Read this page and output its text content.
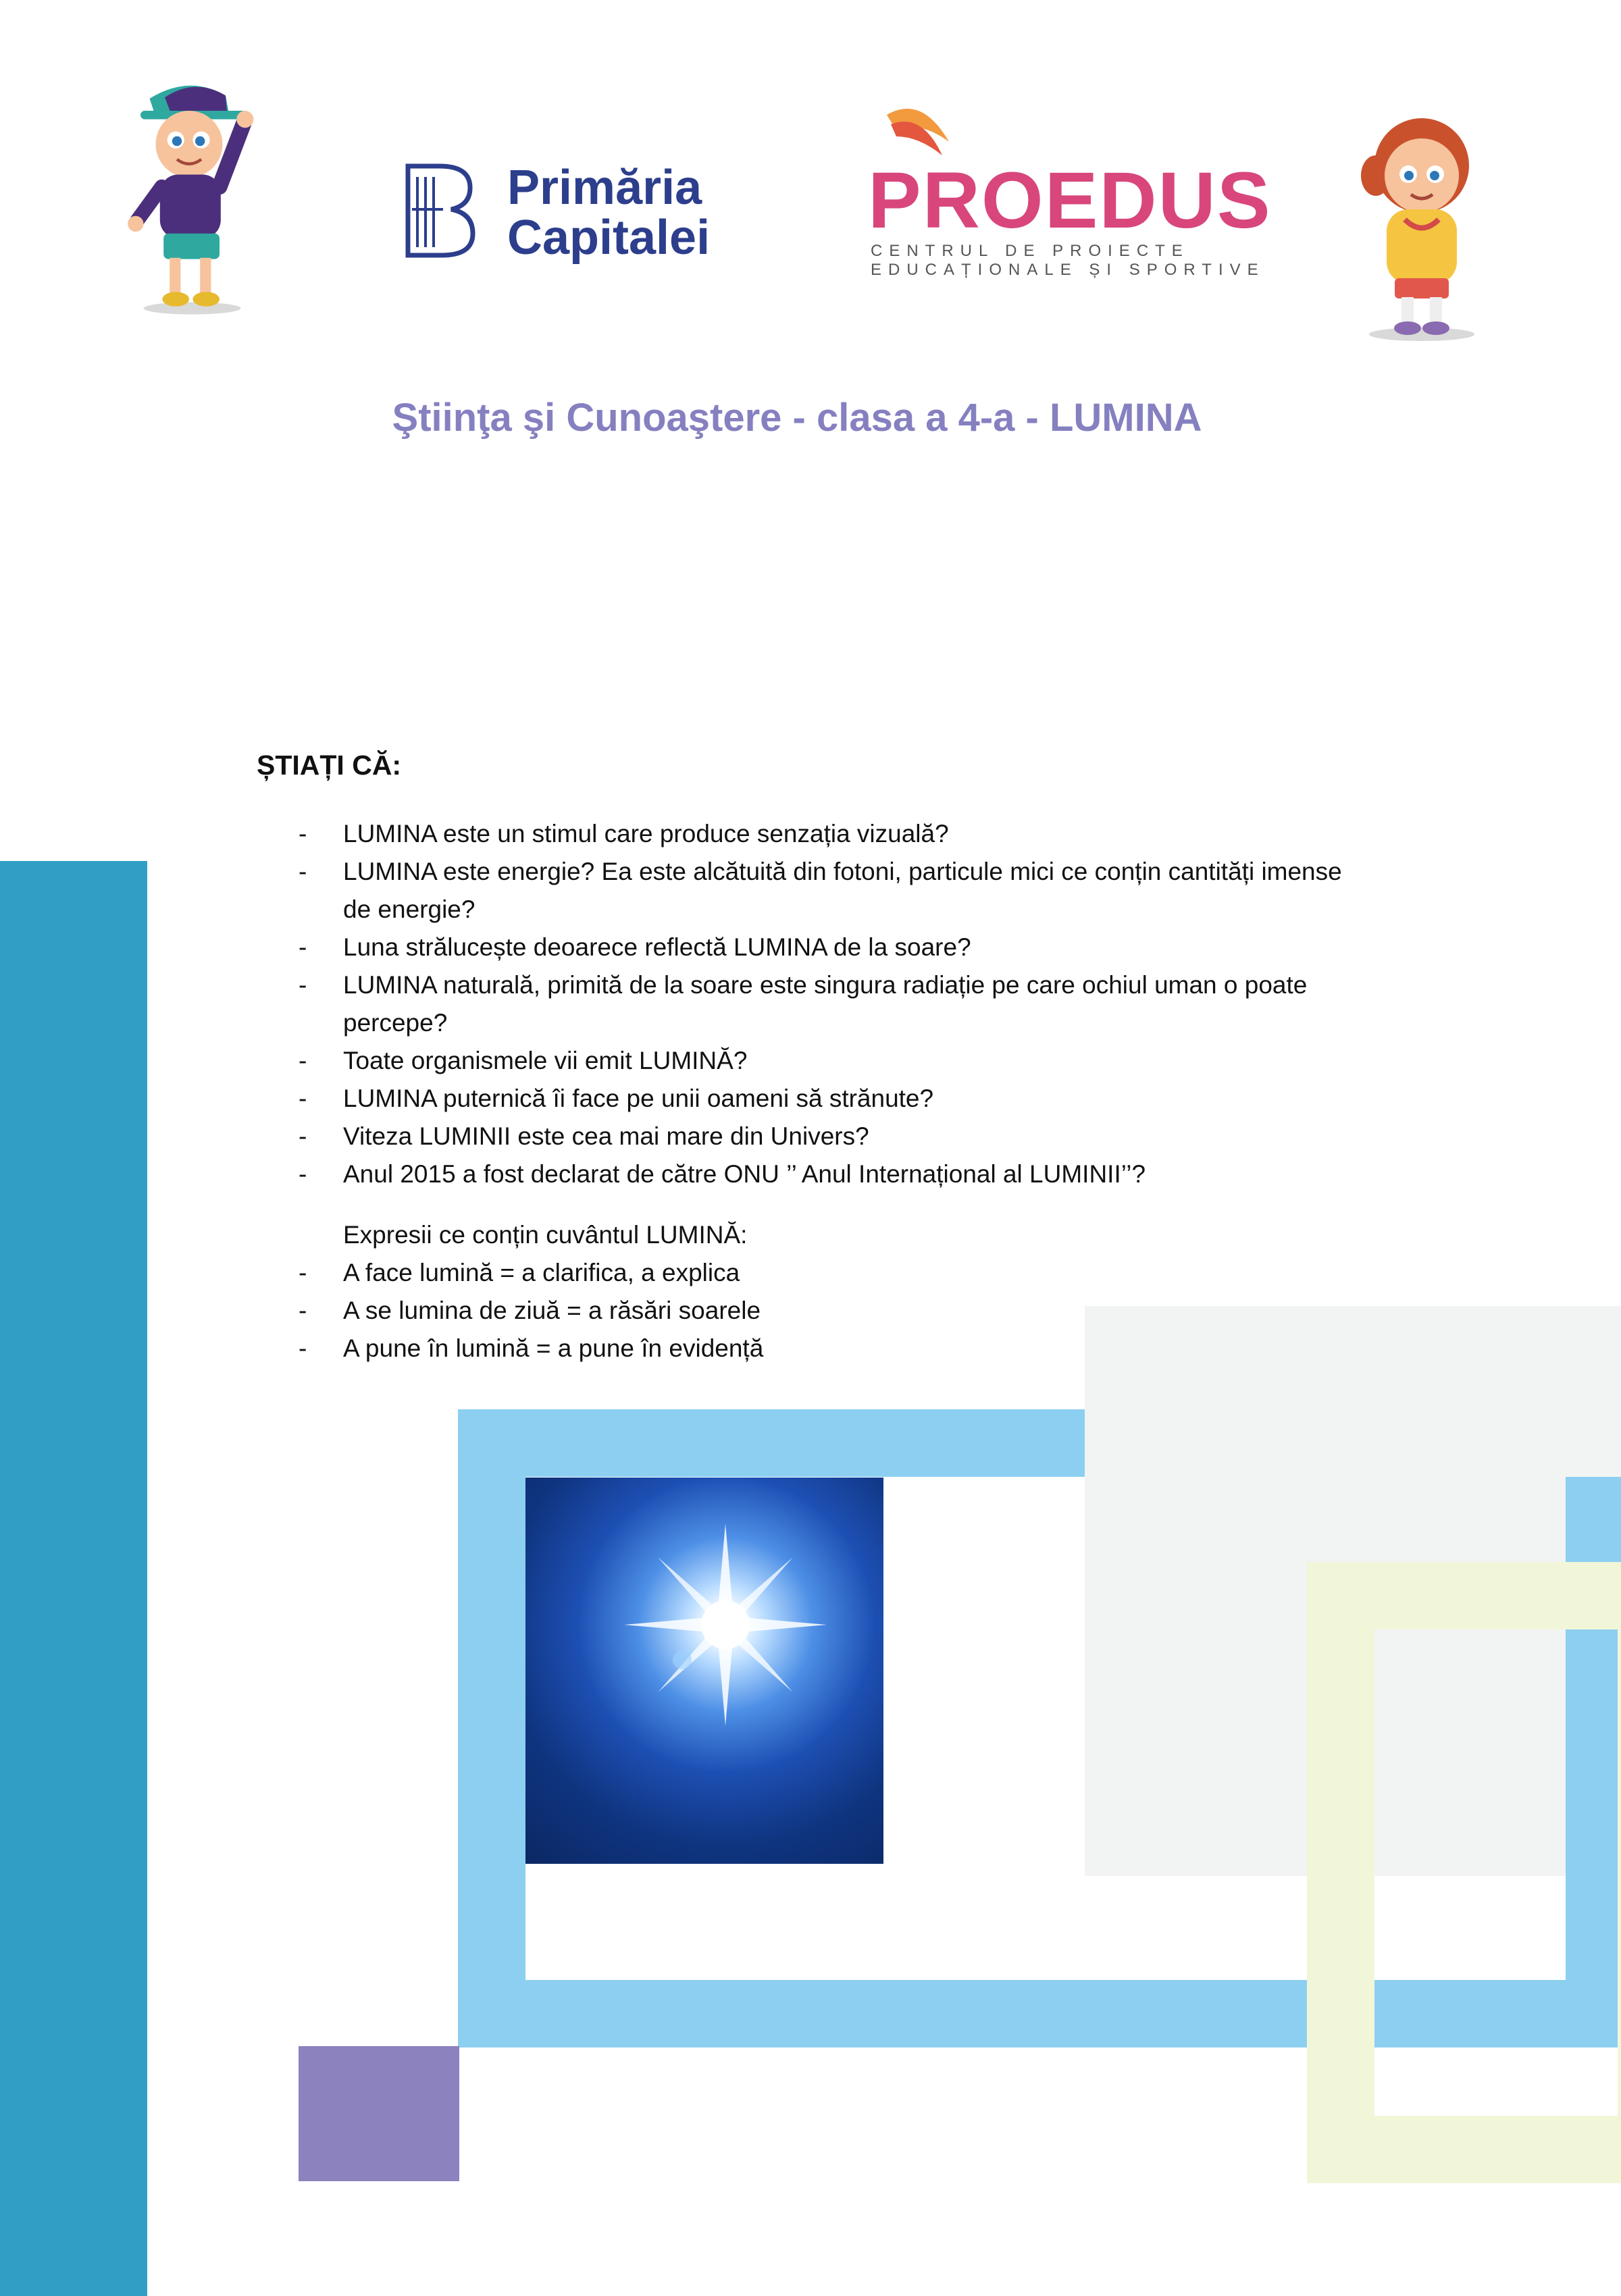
Primăria
Capitalei PROEDUS
CENTRUL DE PROIECTE
EDUCAȚIONALE ȘI SPORTIVE
Ştiinţa şi Cunoaştere - clasa a 4-a - LUMINA
ȘTIAȚI CĂ:
- LUMINA este un stimul care produce senzația vizuală?
- LUMINA este energie? Ea este alcătuită din fotoni, particule mici ce conțin cantități imense de energie?
- Luna strălucește deoarece reflectă LUMINA de la soare?
- LUMINA naturală, primită de la soare este singura radiație pe care ochiul uman o poate percepe?
- Toate organismele vii emit LUMINĂ?
- LUMINA puternică îi face pe unii oameni să strănute?
- Viteza LUMINII este cea mai mare din Univers?
- Anul 2015 a fost declarat de către ONU ’’ Anul Internațional al LUMINII’’?
Expresii ce conțin cuvântul LUMINĂ:
- A face lumină = a clarifica, a explica
- A se lumina de ziuă = a răsări soarele
- A pune în lumină = a pune în evidență
